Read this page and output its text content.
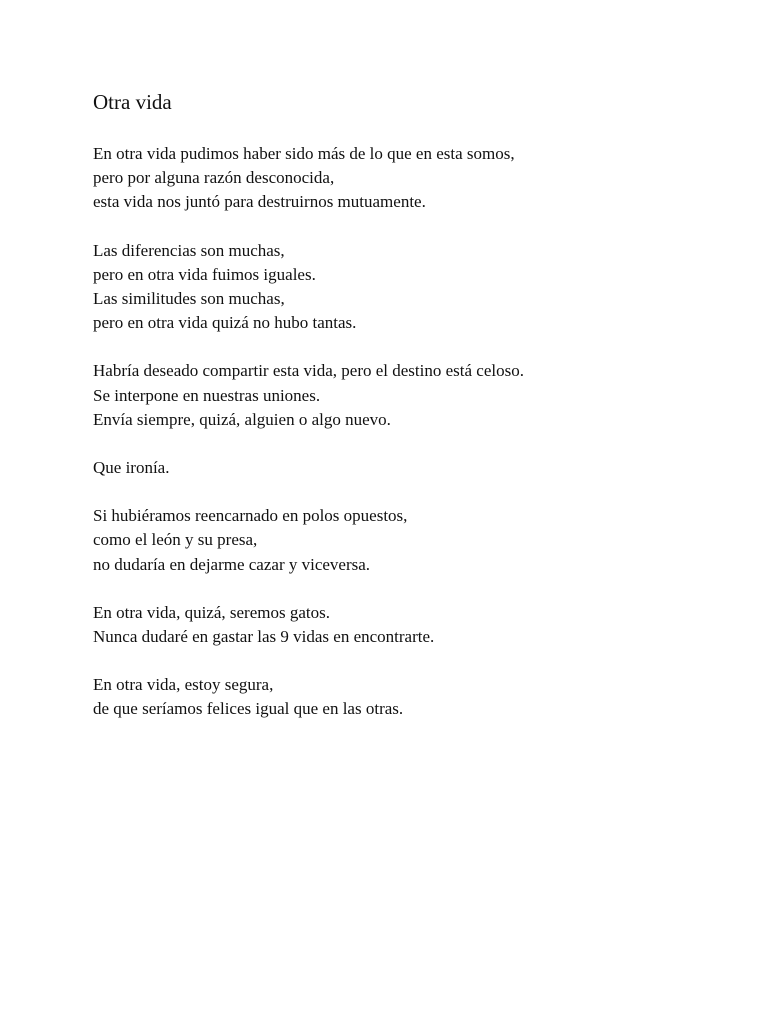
Otra vida
En otra vida pudimos haber sido más de lo que en esta somos,
pero por alguna razón desconocida,
esta vida nos juntó para destruirnos mutuamente.
Las diferencias son muchas,
pero en otra vida fuimos iguales.
Las similitudes son muchas,
pero en otra vida quizá no hubo tantas.
Habría deseado compartir esta vida, pero el destino está celoso.
Se interpone en nuestras uniones.
Envía siempre, quizá, alguien o algo nuevo.
Que ironía.
Si hubiéramos reencarnado en polos opuestos,
como el león y su presa,
no dudaría en dejarme cazar y viceversa.
En otra vida, quizá, seremos gatos.
Nunca dudaré en gastar las 9 vidas en encontrarte.
En otra vida, estoy segura,
de que seríamos felices igual que en las otras.
